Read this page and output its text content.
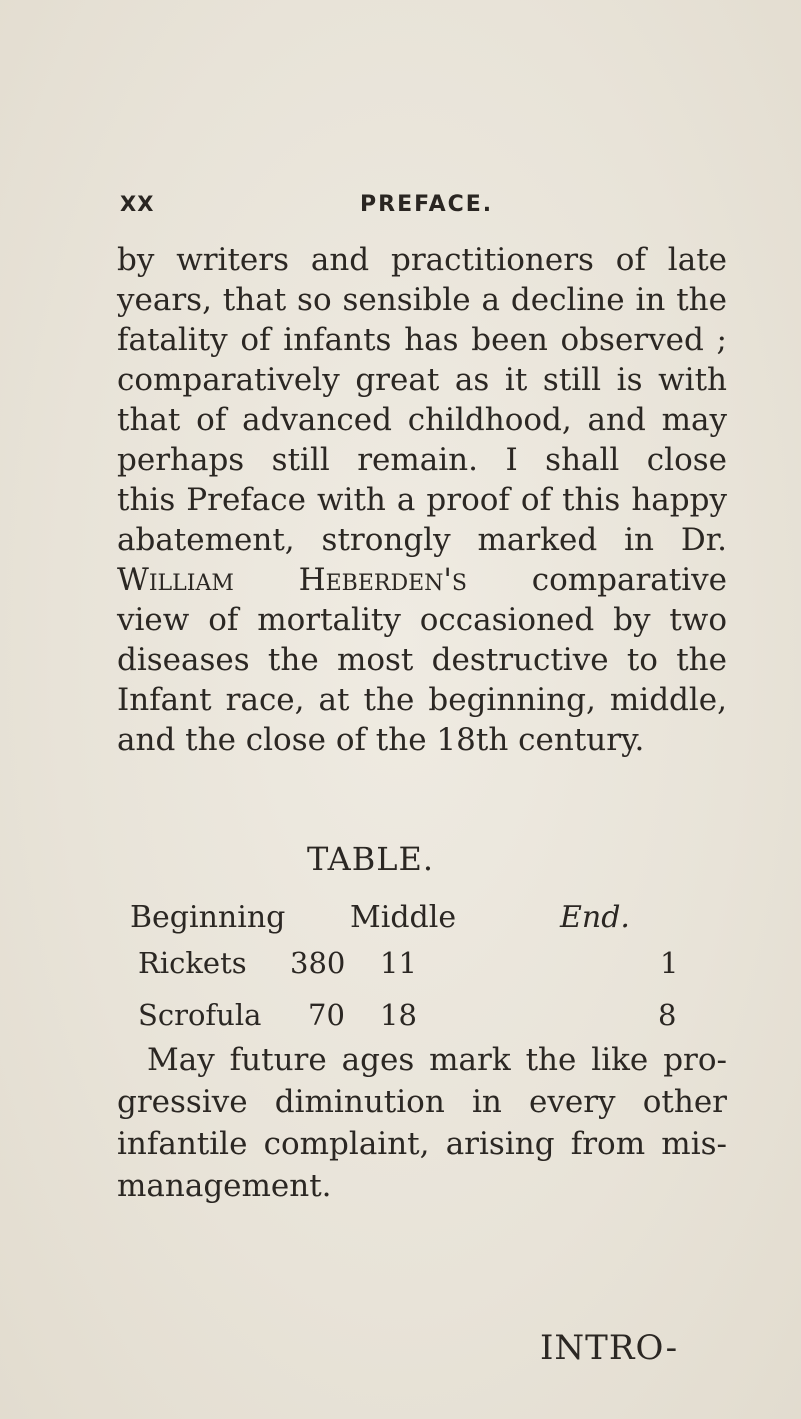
XX	PREFACE.
by writers and practitioners of late
years, that so sensible a decline in the
fatality of infants has been observed ;
comparatively great as it still is with
that of advanced childhood, and may
perhaps still remain. I shall close
this Preface with a proof of this happy
abatement, strongly marked in Dr.
William Heberden's comparative
view of mortality occasioned by two
diseases the most destructive to the
Infant race, at the beginning, middle,
and the close of the 18th century.
TABLE.
Beginning Middle	End.
Rickets 380 11	1
Scrofula 70 18	8
May future ages mark the like pro-
gressive diminution in every other
infantile complaint, arising from mis-
management.
INTRO-
